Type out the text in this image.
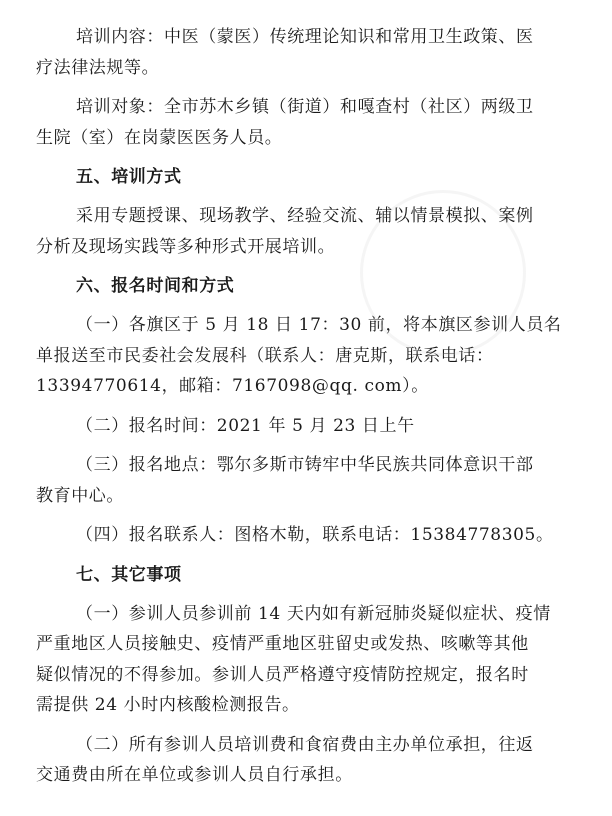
培训内容：中医（蒙医）传统理论知识和常用卫生政策、医

疗法律法规等。

培训对象：全市苏木乡镇（街道）和嘎查村（社区）两级卫

生院（室）在岗蒙医医务人员。

五、培训方式

采用专题授课、现场教学、经验交流、辅以情景模拟、案例

分析及现场实践等多种形式开展培训。

六、报名时间和方式

（一）各旗区于 5 月 18 日 17：30 前，将本旗区参训人员名

单报送至市民委社会发展科（联系人：唐克斯，联系电话：

13394770614，邮箱：7167098@qq. com）。

（二）报名时间：2021 年 5 月 23 日上午

（三）报名地点：鄂尔多斯市铸牢中华民族共同体意识干部

教育中心。

（四）报名联系人：图格木勒，联系电话：15384778305。

七、其它事项

（一）参训人员参训前 14 天内如有新冠肺炎疑似症状、疫情

严重地区人员接触史、疫情严重地区驻留史或发热、咳嗽等其他

疑似情况的不得参加。参训人员严格遵守疫情防控规定，报名时

需提供 24 小时内核酸检测报告。

（二）所有参训人员培训费和食宿费由主办单位承担，往返

交通费由所在单位或参训人员自行承担。
